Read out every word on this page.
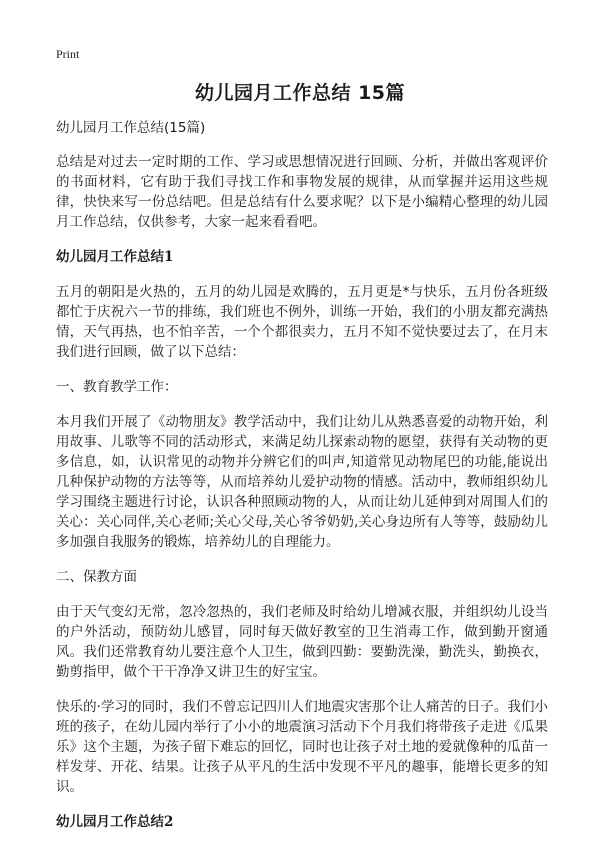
Print
幼儿园月工作总结 15篇
幼儿园月工作总结(15篇)

总结是对过去一定时期的工作、学习或思想情况进行回顾、分析，并做出客观评价的书面材料，它有助于我们寻找工作和事物发展的规律，从而掌握并运用这些规律，快快来写一份总结吧。但是总结有什么要求呢？以下是小编精心整理的幼儿园月工作总结，仅供参考，大家一起来看看吧。

幼儿园月工作总结1

五月的朝阳是火热的，五月的幼儿园是欢腾的，五月更是*与快乐，五月份各班级都忙于庆祝六一节的排练，我们班也不例外，训练一开始，我们的小朋友都充满热情，天气再热，也不怕辛苦，一个个都很卖力，五月不知不觉快要过去了，在月末我们进行回顾，做了以下总结：

一、教育教学工作：

本月我们开展了《动物朋友》教学活动中，我们让幼儿从熟悉喜爱的动物开始，利用故事、儿歌等不同的活动形式，来满足幼儿探索动物的愿望，获得有关动物的更多信息，如，认识常见的动物并分辨它们的叫声,知道常见动物尾巴的功能,能说出几种保护动物的方法等等，从而培养幼儿爱护动物的情感。活动中，教师组织幼儿学习围绕主题进行讨论，认识各种照顾动物的人，从而让幼儿延伸到对周围人们的关心：关心同伴,关心老师;关心父母,关心爷爷奶奶,关心身边所有人等等，鼓励幼儿多加强自我服务的锻炼，培养幼儿的自理能力。

二、保教方面

由于天气变幻无常，忽冷忽热的，我们老师及时给幼儿增减衣服，并组织幼儿设当的户外活动，预防幼儿感冒，同时每天做好教室的卫生消毒工作，做到勤开窗通风。我们还常教育幼儿要注意个人卫生，做到四勤：要勤洗澡，勤洗头，勤换衣，勤剪指甲，做个干干净净又讲卫生的好宝宝。

快乐的·学习的同时，我们不曾忘记四川人们地震灾害那个让人痛苦的日子。我们小班的孩子，在幼儿园内举行了小小的地震演习活动下个月我们将带孩子走进《瓜果乐》这个主题，为孩子留下难忘的回忆，同时也让孩子对土地的爱就像种的瓜苗一样发芽、开花、结果。让孩子从平凡的生活中发现不平凡的趣事，能增长更多的知识。

幼儿园月工作总结2
